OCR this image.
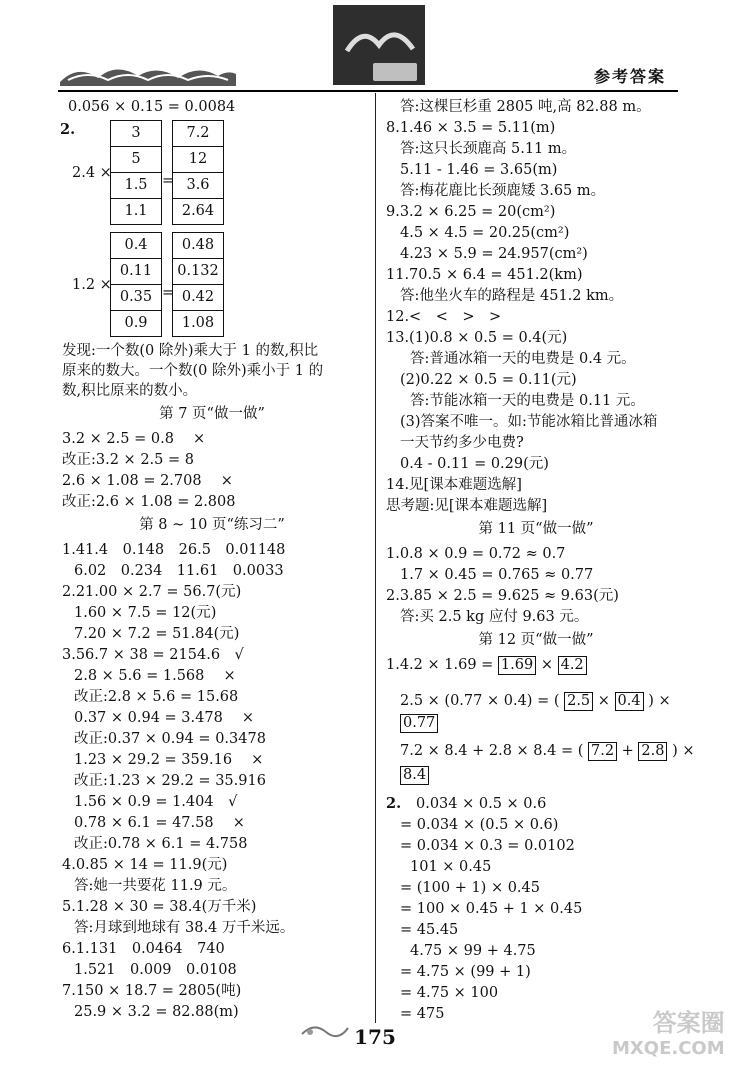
参考答案
0.056 × 0.15 = 0.0084
2.
2.4 ×
3
5
1.5
1.1
=
7.2
12
3.6
2.64
1.2 ×
0.4
0.11
0.35
0.9
=
0.48
0.132
0.42
1.08
发现:一个数(0 除外)乘大于 1 的数,积比
原来的数大。一个数(0 除外)乘小于 1 的
数,积比原来的数小。
第 7 页“做一做”
3.2 × 2.5 = 0.8　 ×
改正:3.2 × 2.5 = 8
2.6 × 1.08 = 2.708　 ×
改正:2.6 × 1.08 = 2.808
第 8 ~ 10 页“练习二”
1.41.4　0.148　26.5　0.01148
6.02　0.234　11.61　0.0033
2.21.00 × 2.7 = 56.7(元)
1.60 × 7.5 = 12(元)
7.20 × 7.2 = 51.84(元)
3.56.7 × 38 = 2154.6　√
2.8 × 5.6 = 1.568　 ×
改正:2.8 × 5.6 = 15.68
0.37 × 0.94 = 3.478　 ×
改正:0.37 × 0.94 = 0.3478
1.23 × 29.2 = 359.16　 ×
改正:1.23 × 29.2 = 35.916
1.56 × 0.9 = 1.404　√
0.78 × 6.1 = 47.58　 ×
改正:0.78 × 6.1 = 4.758
4.0.85 × 14 = 11.9(元)
答:她一共要花 11.9 元。
5.1.28 × 30 = 38.4(万千米)
答:月球到地球有 38.4 万千米远。
6.1.131　0.0464　740
1.521　0.009　0.0108
7.150 × 18.7 = 2805(吨)
25.9 × 3.2 = 82.88(m)
答:这棵巨杉重 2805 吨,高 82.88 m。
8.1.46 × 3.5 = 5.11(m)
答:这只长颈鹿高 5.11 m。
5.11 - 1.46 = 3.65(m)
答:梅花鹿比长颈鹿矮 3.65 m。
9.3.2 × 6.25 = 20(cm²)
4.5 × 4.5 = 20.25(cm²)
4.23 × 5.9 = 24.957(cm²)
11.70.5 × 6.4 = 451.2(km)
答:他坐火车的路程是 451.2 km。
12.<　<　>　>
13.(1)0.8 × 0.5 = 0.4(元)
答:普通冰箱一天的电费是 0.4 元。
(2)0.22 × 0.5 = 0.11(元)
答:节能冰箱一天的电费是 0.11 元。
(3)答案不唯一。如:节能冰箱比普通冰箱
一天节约多少电费?
0.4 - 0.11 = 0.29(元)
14.见[课本难题选解]
思考题:见[课本难题选解]
第 11 页“做一做”
1.0.8 × 0.9 = 0.72 ≈ 0.7
1.7 × 0.45 = 0.765 ≈ 0.77
2.3.85 × 2.5 = 9.625 ≈ 9.63(元)
答:买 2.5 kg 应付 9.63 元。
第 12 页“做一做”
1.4.2 × 1.69 = 1.69 × 4.2
2.5 × (0.77 × 0.4) = ( 2.5 × 0.4 ) ×
0.77
7.2 × 8.4 + 2.8 × 8.4 = ( 7.2 + 2.8 ) ×
8.4
2. 0.034 × 0.5 × 0.6
= 0.034 × (0.5 × 0.6)
= 0.034 × 0.3 = 0.0102
101 × 0.45
= (100 + 1) × 0.45
= 100 × 0.45 + 1 × 0.45
= 45.45
4.75 × 99 + 4.75
= 4.75 × (99 + 1)
= 4.75 × 100
= 475
175	答案圈
MXQE.COM
